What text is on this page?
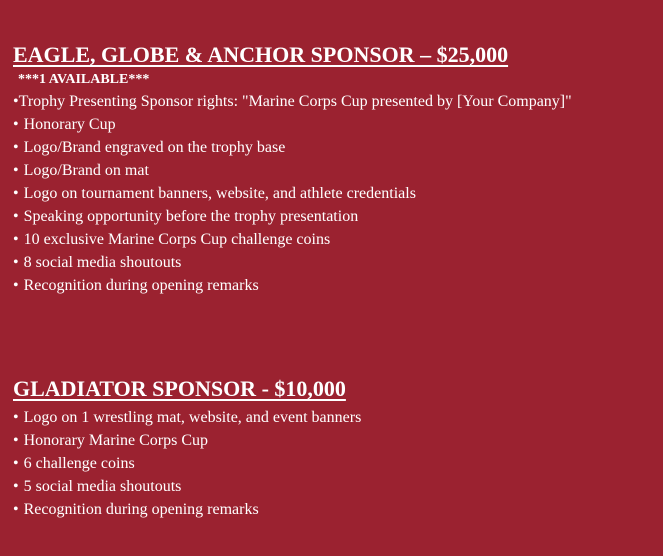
EAGLE, GLOBE & ANCHOR SPONSOR – $25,000
***1 AVAILABLE***
•Trophy Presenting Sponsor rights: "Marine Corps Cup presented by [Your Company]"
• Honorary Cup
• Logo/Brand engraved on the trophy base
• Logo/Brand on mat
• Logo on tournament banners, website, and athlete credentials
• Speaking opportunity before the trophy presentation
• 10 exclusive Marine Corps Cup challenge coins
• 8 social media shoutouts
• Recognition during opening remarks
GLADIATOR SPONSOR - $10,000
• Logo on 1 wrestling mat, website, and event banners
• Honorary Marine Corps Cup
• 6 challenge coins
• 5 social media shoutouts
• Recognition during opening remarks
